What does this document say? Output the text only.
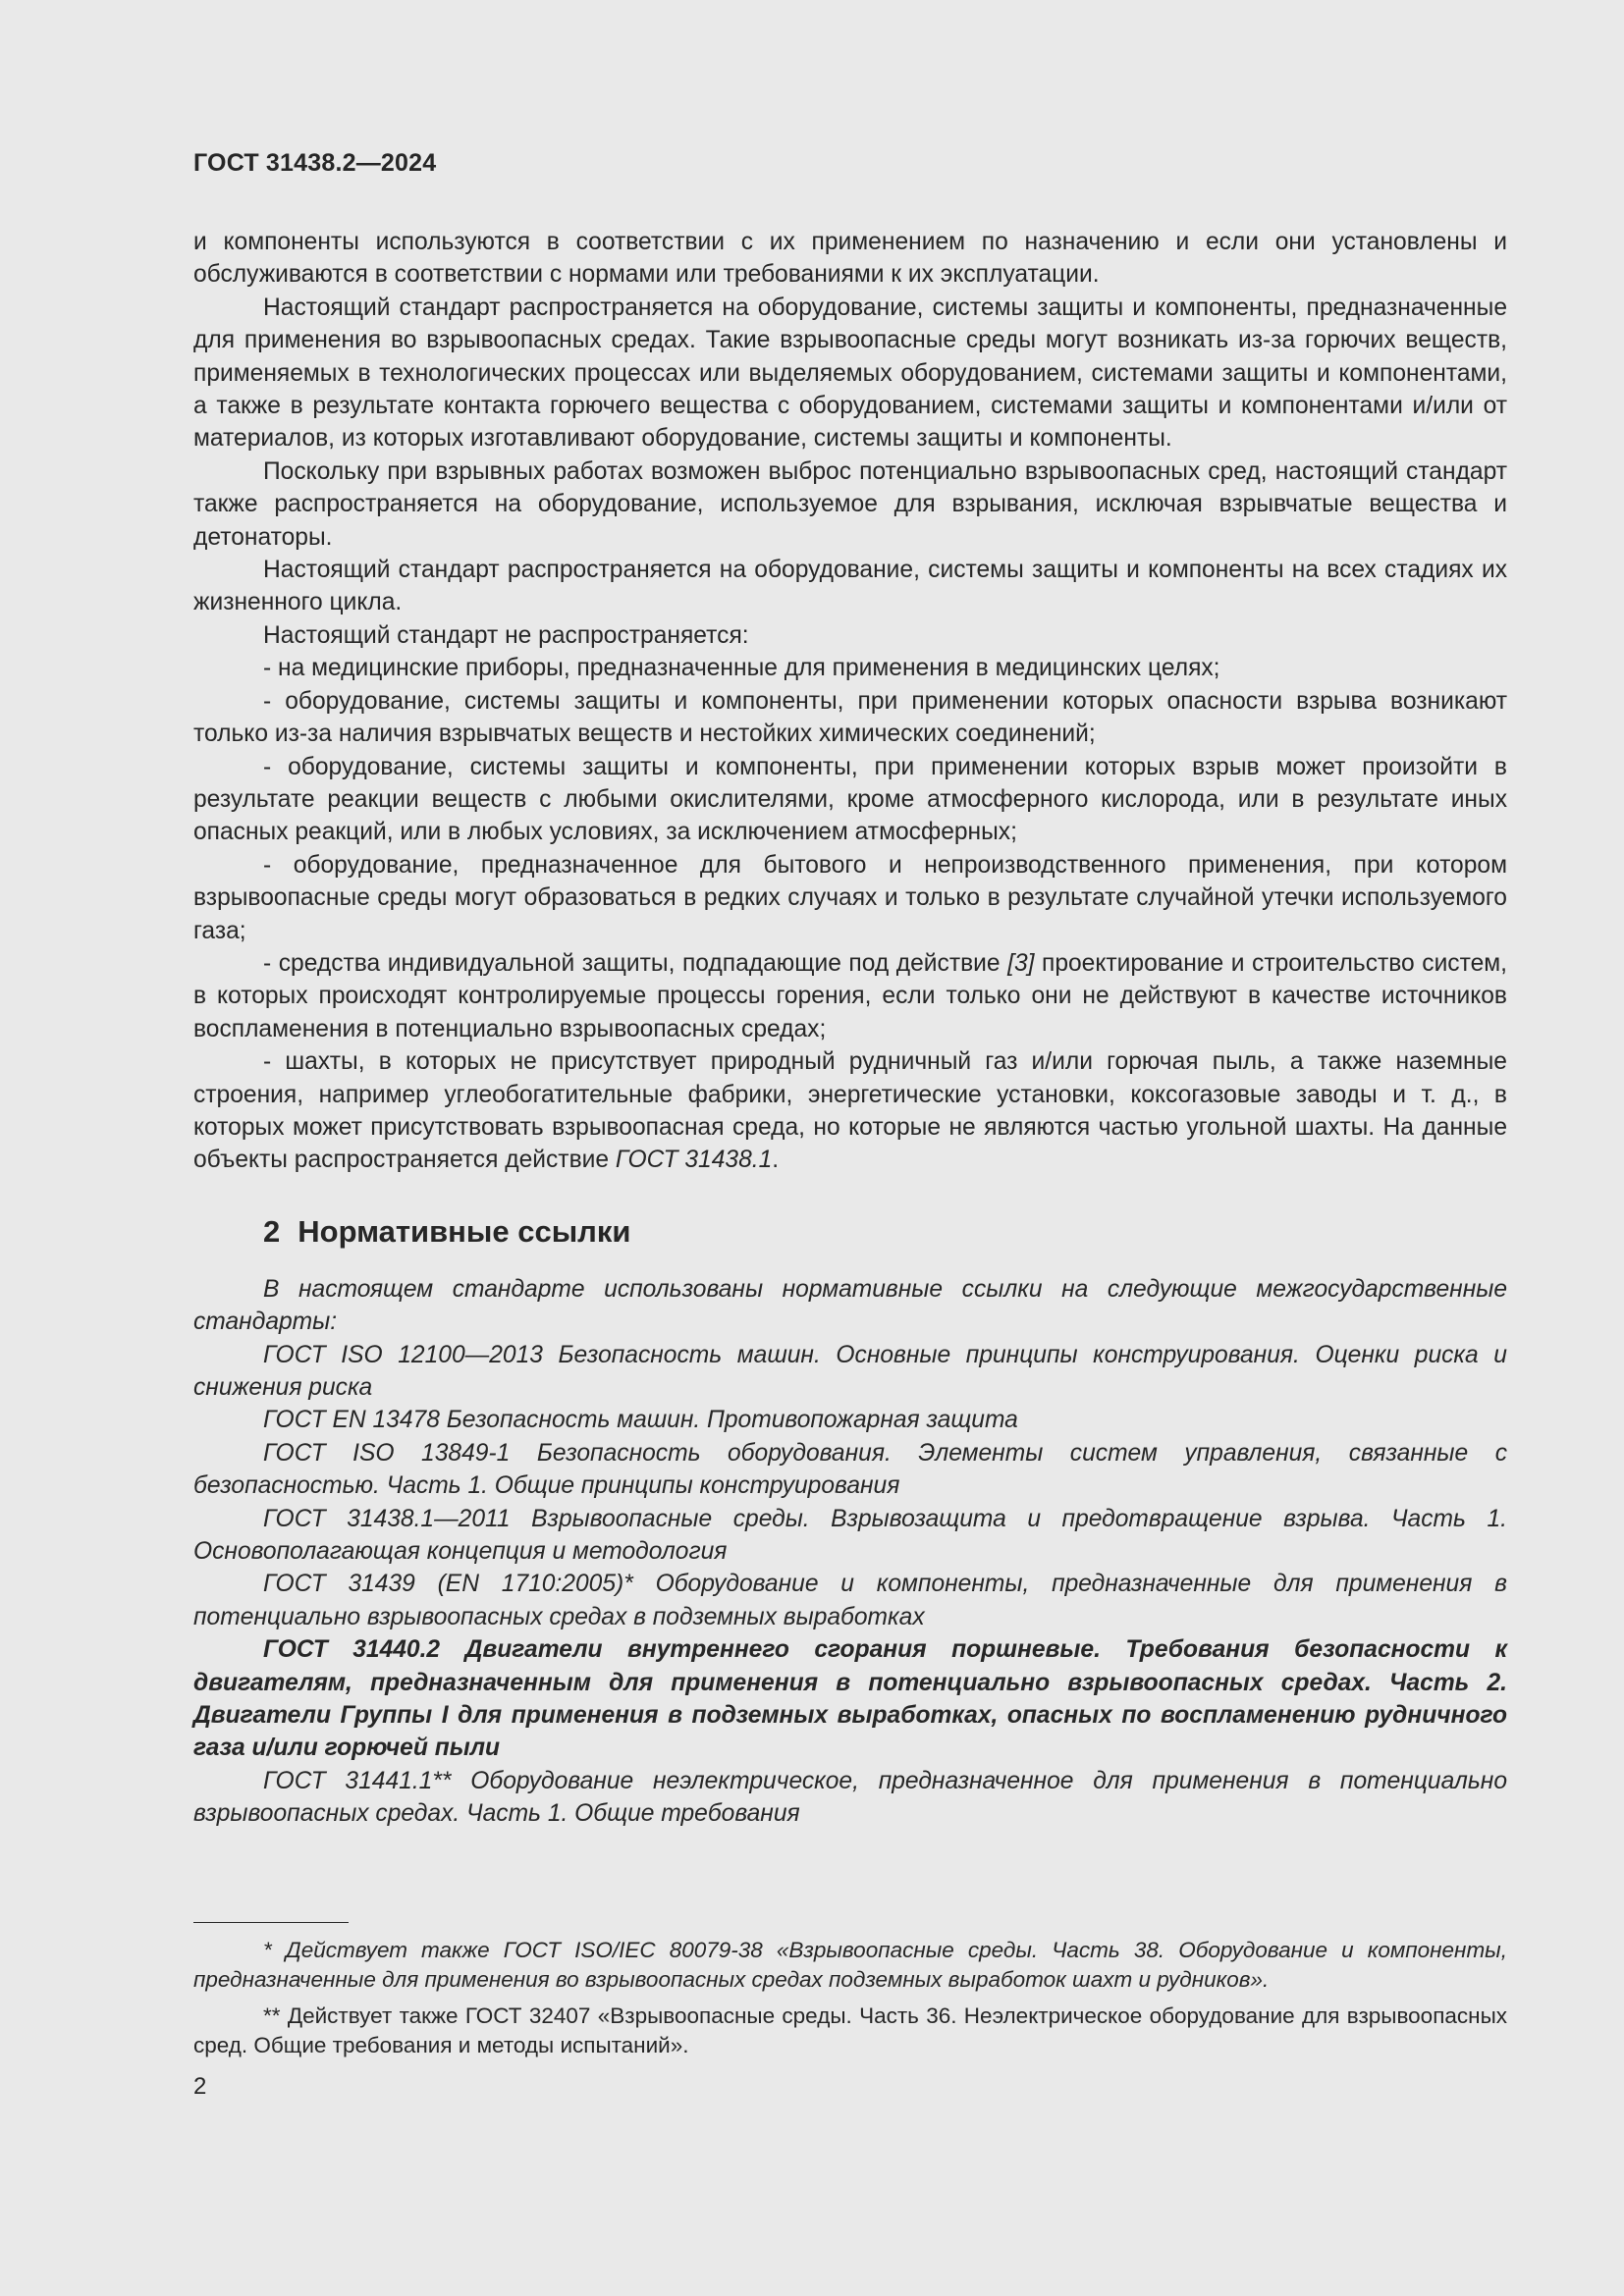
ГОСТ 31438.2—2024

и компоненты используются в соответствии с их применением по назначению и если они установлены и обслуживаются в соответствии с нормами или требованиями к их эксплуатации.

Настоящий стандарт распространяется на оборудование, системы защиты и компоненты, предназначенные для применения во взрывоопасных средах. Такие взрывоопасные среды могут возникать из-за горючих веществ, применяемых в технологических процессах или выделяемых оборудованием, системами защиты и компонентами, а также в результате контакта горючего вещества с оборудованием, системами защиты и компонентами и/или от материалов, из которых изготавливают оборудование, системы защиты и компоненты.

Поскольку при взрывных работах возможен выброс потенциально взрывоопасных сред, настоящий стандарт также распространяется на оборудование, используемое для взрывания, исключая взрывчатые вещества и детонаторы.

Настоящий стандарт распространяется на оборудование, системы защиты и компоненты на всех стадиях их жизненного цикла.

Настоящий стандарт не распространяется:

- на медицинские приборы, предназначенные для применения в медицинских целях;

- оборудование, системы защиты и компоненты, при применении которых опасности взрыва возникают только из-за наличия взрывчатых веществ и нестойких химических соединений;

- оборудование, системы защиты и компоненты, при применении которых взрыв может произойти в результате реакции веществ с любыми окислителями, кроме атмосферного кислорода, или в результате иных опасных реакций, или в любых условиях, за исключением атмосферных;

- оборудование, предназначенное для бытового и непроизводственного применения, при котором взрывоопасные среды могут образоваться в редких случаях и только в результате случайной утечки используемого газа;

- средства индивидуальной защиты, подпадающие под действие [3] проектирование и строительство систем, в которых происходят контролируемые процессы горения, если только они не действуют в качестве источников воспламенения в потенциально взрывоопасных средах;

- шахты, в которых не присутствует природный рудничный газ и/или горючая пыль, а также наземные строения, например углеобогатительные фабрики, энергетические установки, коксогазовые заводы и т. д., в которых может присутствовать взрывоопасная среда, но которые не являются частью угольной шахты. На данные объекты распространяется действие ГОСТ 31438.1.

2 Нормативные ссылки

В настоящем стандарте использованы нормативные ссылки на следующие межгосударственные стандарты:

ГОСТ ISO 12100—2013 Безопасность машин. Основные принципы конструирования. Оценки риска и снижения риска

ГОСТ EN 13478 Безопасность машин. Противопожарная защита

ГОСТ ISO 13849-1 Безопасность оборудования. Элементы систем управления, связанные с безопасностью. Часть 1. Общие принципы конструирования

ГОСТ 31438.1—2011 Взрывоопасные среды. Взрывозащита и предотвращение взрыва. Часть 1. Основополагающая концепция и методология

ГОСТ 31439 (EN 1710:2005)* Оборудование и компоненты, предназначенные для применения в потенциально взрывоопасных средах в подземных выработках

ГОСТ 31440.2 Двигатели внутреннего сгорания поршневые. Требования безопасности к двигателям, предназначенным для применения в потенциально взрывоопасных средах. Часть 2. Двигатели Группы I для применения в подземных выработках, опасных по воспламенению рудничного газа и/или горючей пыли

ГОСТ 31441.1** Оборудование неэлектрическое, предназначенное для применения в потенциально взрывоопасных средах. Часть 1. Общие требования

* Действует также ГОСТ ISO/IEC 80079-38 «Взрывоопасные среды. Часть 38. Оборудование и компоненты, предназначенные для применения во взрывоопасных средах подземных выработок шахт и рудников».

** Действует также ГОСТ 32407 «Взрывоопасные среды. Часть 36. Неэлектрическое оборудование для взрывоопасных сред. Общие требования и методы испытаний».

2
